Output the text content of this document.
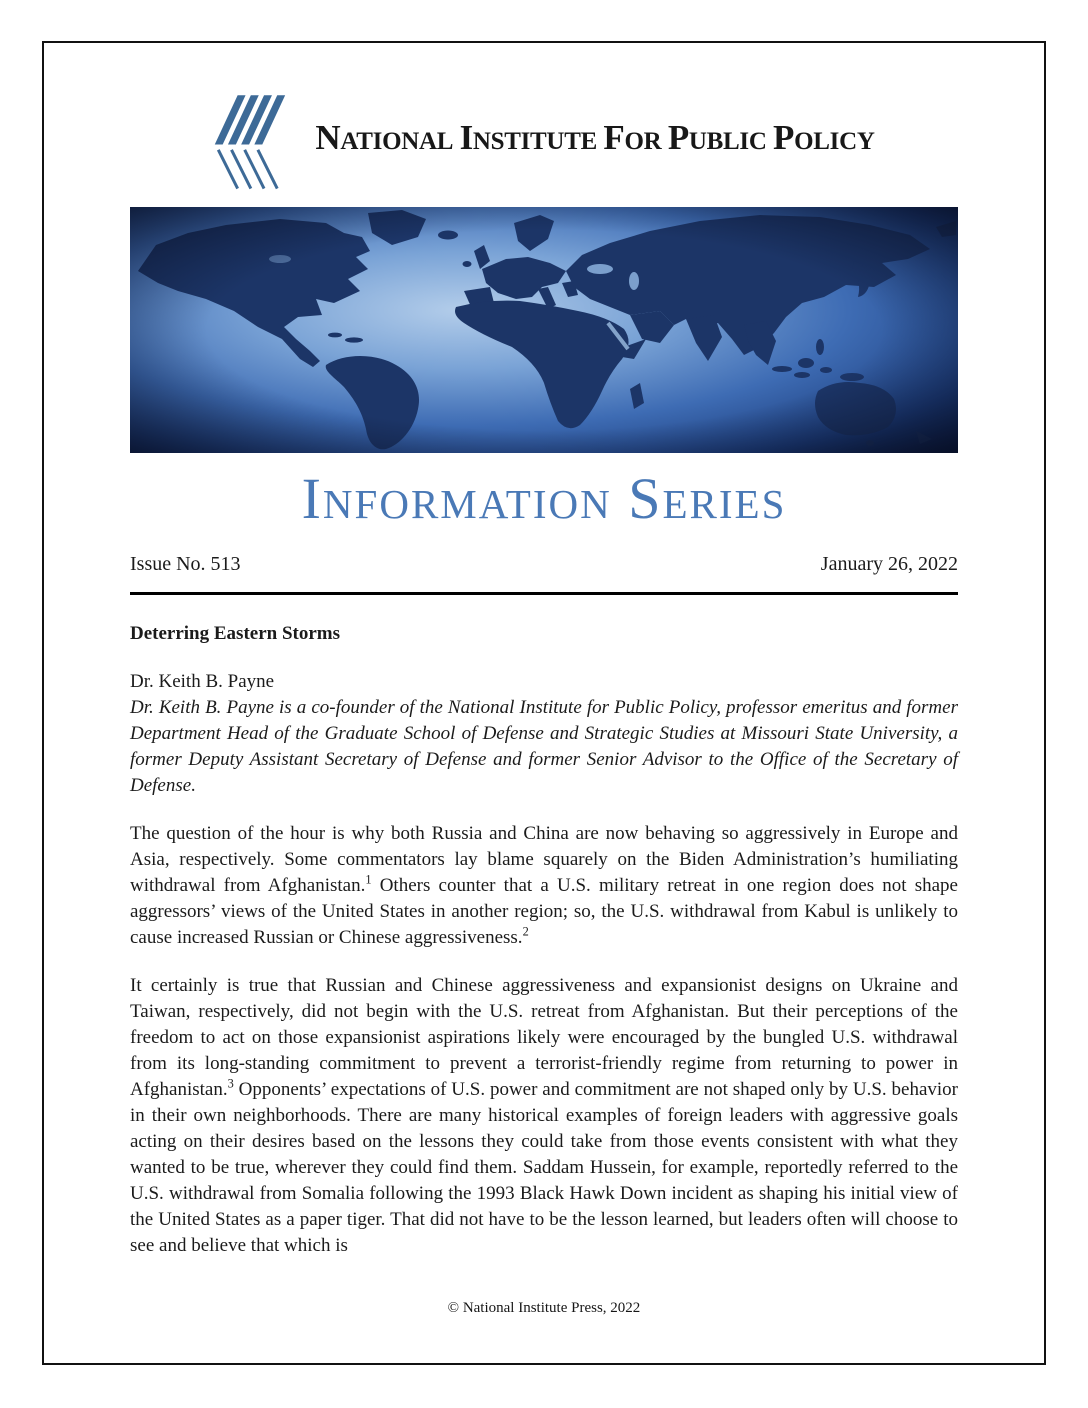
National Institute For Public Policy
Information Series
Issue No. 513	January 26, 2022
Deterring Eastern Storms
Dr. Keith B. Payne
Dr. Keith B. Payne is a co-founder of the National Institute for Public Policy, professor emeritus and former Department Head of the Graduate School of Defense and Strategic Studies at Missouri State University, a former Deputy Assistant Secretary of Defense and former Senior Advisor to the Office of the Secretary of Defense.

The question of the hour is why both Russia and China are now behaving so aggressively in Europe and Asia, respectively. Some commentators lay blame squarely on the Biden Administration’s humiliating withdrawal from Afghanistan.$^1$ Others counter that a U.S. military retreat in one region does not shape aggressors’ views of the United States in another region; so, the U.S. withdrawal from Kabul is unlikely to cause increased Russian or Chinese aggressiveness.$^2$

It certainly is true that Russian and Chinese aggressiveness and expansionist designs on Ukraine and Taiwan, respectively, did not begin with the U.S. retreat from Afghanistan. But their perceptions of the freedom to act on those expansionist aspirations likely were encouraged by the bungled U.S. withdrawal from its long-standing commitment to prevent a terrorist-friendly regime from returning to power in Afghanistan.$^3$ Opponents’ expectations of U.S. power and commitment are not shaped only by U.S. behavior in their own neighborhoods. There are many historical examples of foreign leaders with aggressive goals acting on their desires based on the lessons they could take from those events consistent with what they wanted to be true, wherever they could find them. Saddam Hussein, for example, reportedly referred to the U.S. withdrawal from Somalia following the 1993 Black Hawk Down incident as shaping his initial view of the United States as a paper tiger. That did not have to be the lesson learned, but leaders often will choose to see and believe that which is

© National Institute Press, 2022
